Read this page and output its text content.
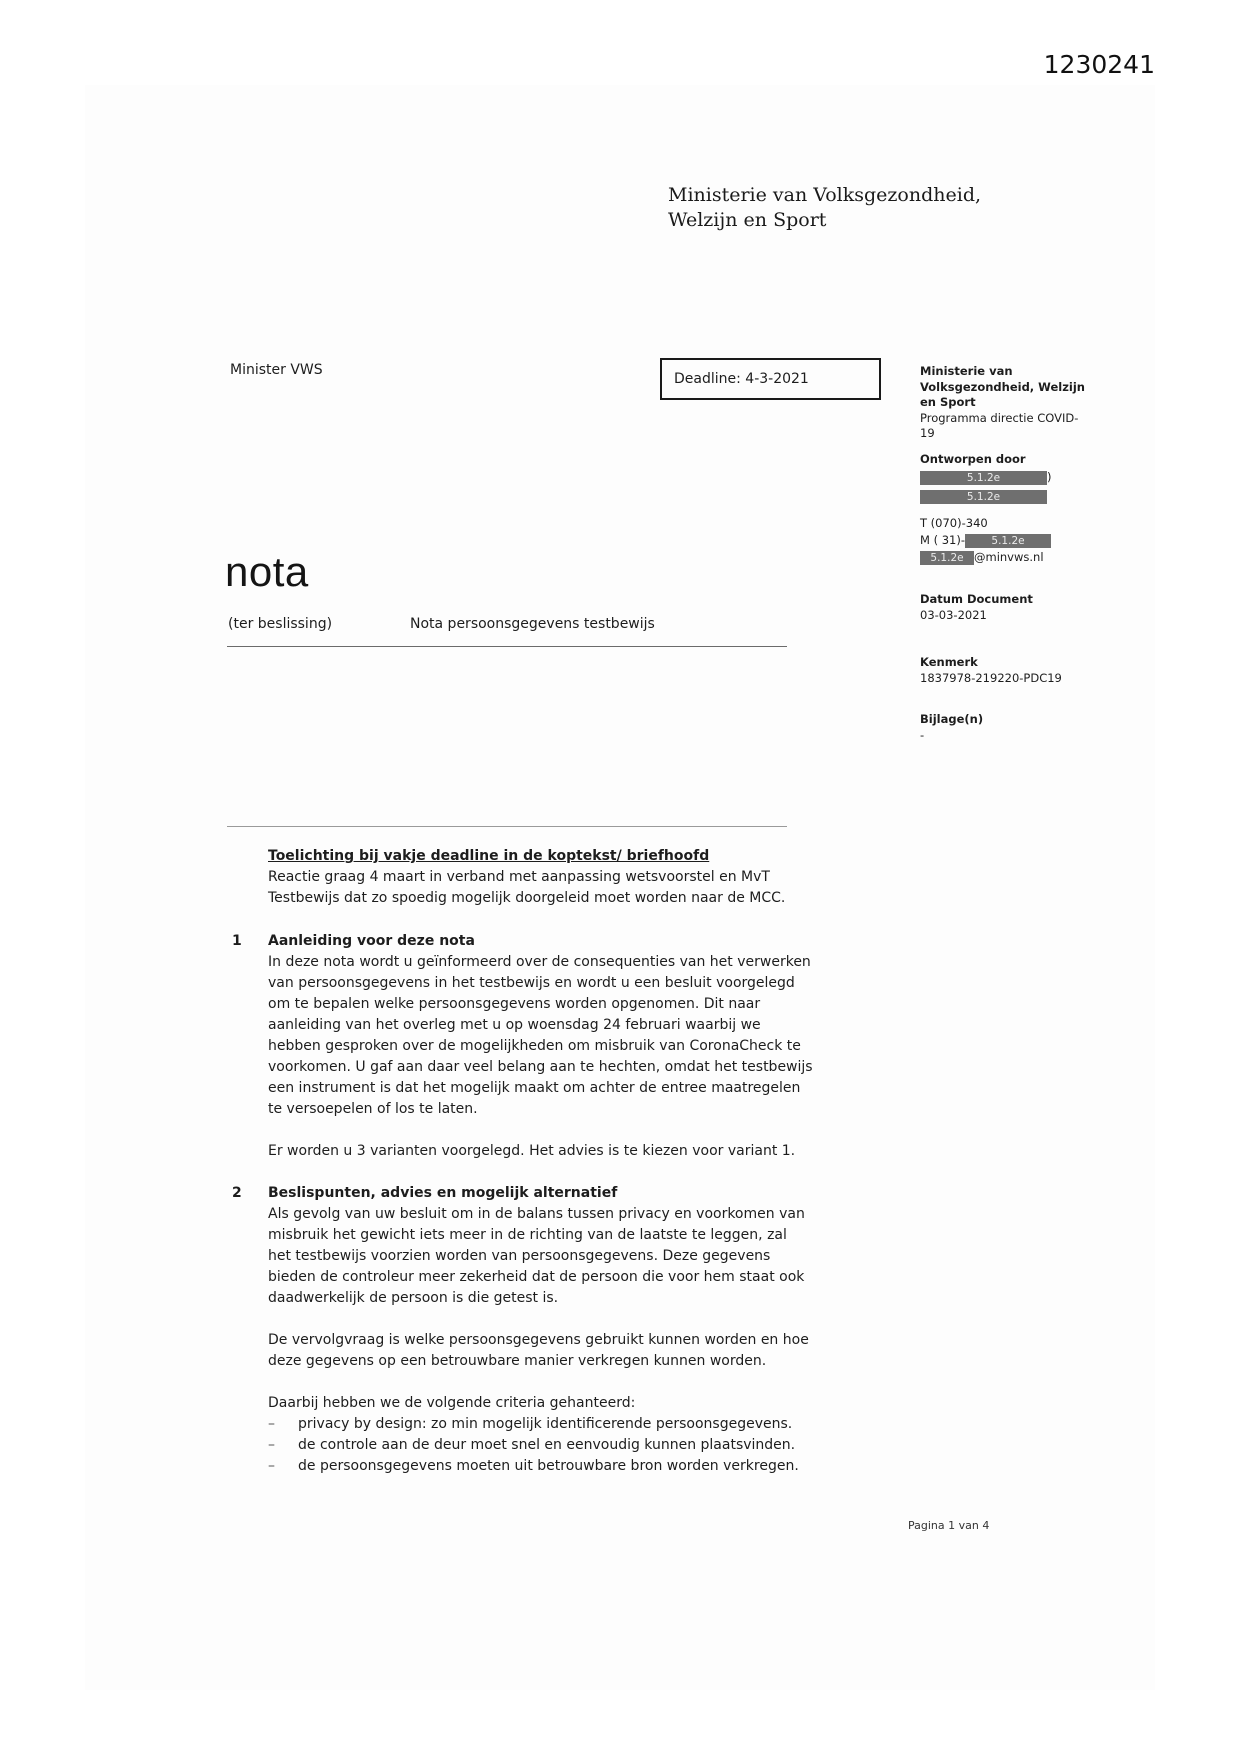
1230241
Ministerie van Volksgezondheid,
Welzijn en Sport
Minister VWS
Deadline: 4-3-2021	Ministerie van
Volksgezondheid, Welzijn
en Sport
Programma directie COVID-
19
Ontworpen door
5.1.2e	)
5.1.2e
T (070)-340
M ( 31)-	5.1.2e
5.1.2e @minvws.nl
Datum Document
03-03-2021
Kenmerk
1837978-219220-PDC19
Bijlage(n)
-
nota
(ter beslissing)	Nota persoonsgegevens testbewijs
Toelichting bij vakje deadline in de koptekst/ briefhoofd
Reactie graag 4 maart in verband met aanpassing wetsvoorstel en MvT Testbewijs dat zo spoedig mogelijk doorgeleid moet worden naar de MCC.
1	Aanleiding voor deze nota

In deze nota wordt u geïnformeerd over de consequenties van het verwerken van persoonsgegevens in het testbewijs en wordt u een besluit voorgelegd om te bepalen welke persoonsgegevens worden opgenomen. Dit naar aanleiding van het overleg met u op woensdag 24 februari waarbij we hebben gesproken over de mogelijkheden om misbruik van CoronaCheck te voorkomen. U gaf aan daar veel belang aan te hechten, omdat het testbewijs een instrument is dat het mogelijk maakt om achter de entree maatregelen te versoepelen of los te laten.

Er worden u 3 varianten voorgelegd. Het advies is te kiezen voor variant 1.

2	Beslispunten, advies en mogelijk alternatief

Als gevolg van uw besluit om in de balans tussen privacy en voorkomen van misbruik het gewicht iets meer in de richting van de laatste te leggen, zal het testbewijs voorzien worden van persoonsgegevens. Deze gegevens bieden de controleur meer zekerheid dat de persoon die voor hem staat ook daadwerkelijk de persoon is die getest is.

De vervolgvraag is welke persoonsgegevens gebruikt kunnen worden en hoe deze gegevens op een betrouwbare manier verkregen kunnen worden.

Daarbij hebben we de volgende criteria gehanteerd:

–	privacy by design: zo min mogelijk identificerende persoonsgegevens.
–	de controle aan de deur moet snel en eenvoudig kunnen plaatsvinden.
–	de persoonsgegevens moeten uit betrouwbare bron worden verkregen.
Pagina 1 van 4
